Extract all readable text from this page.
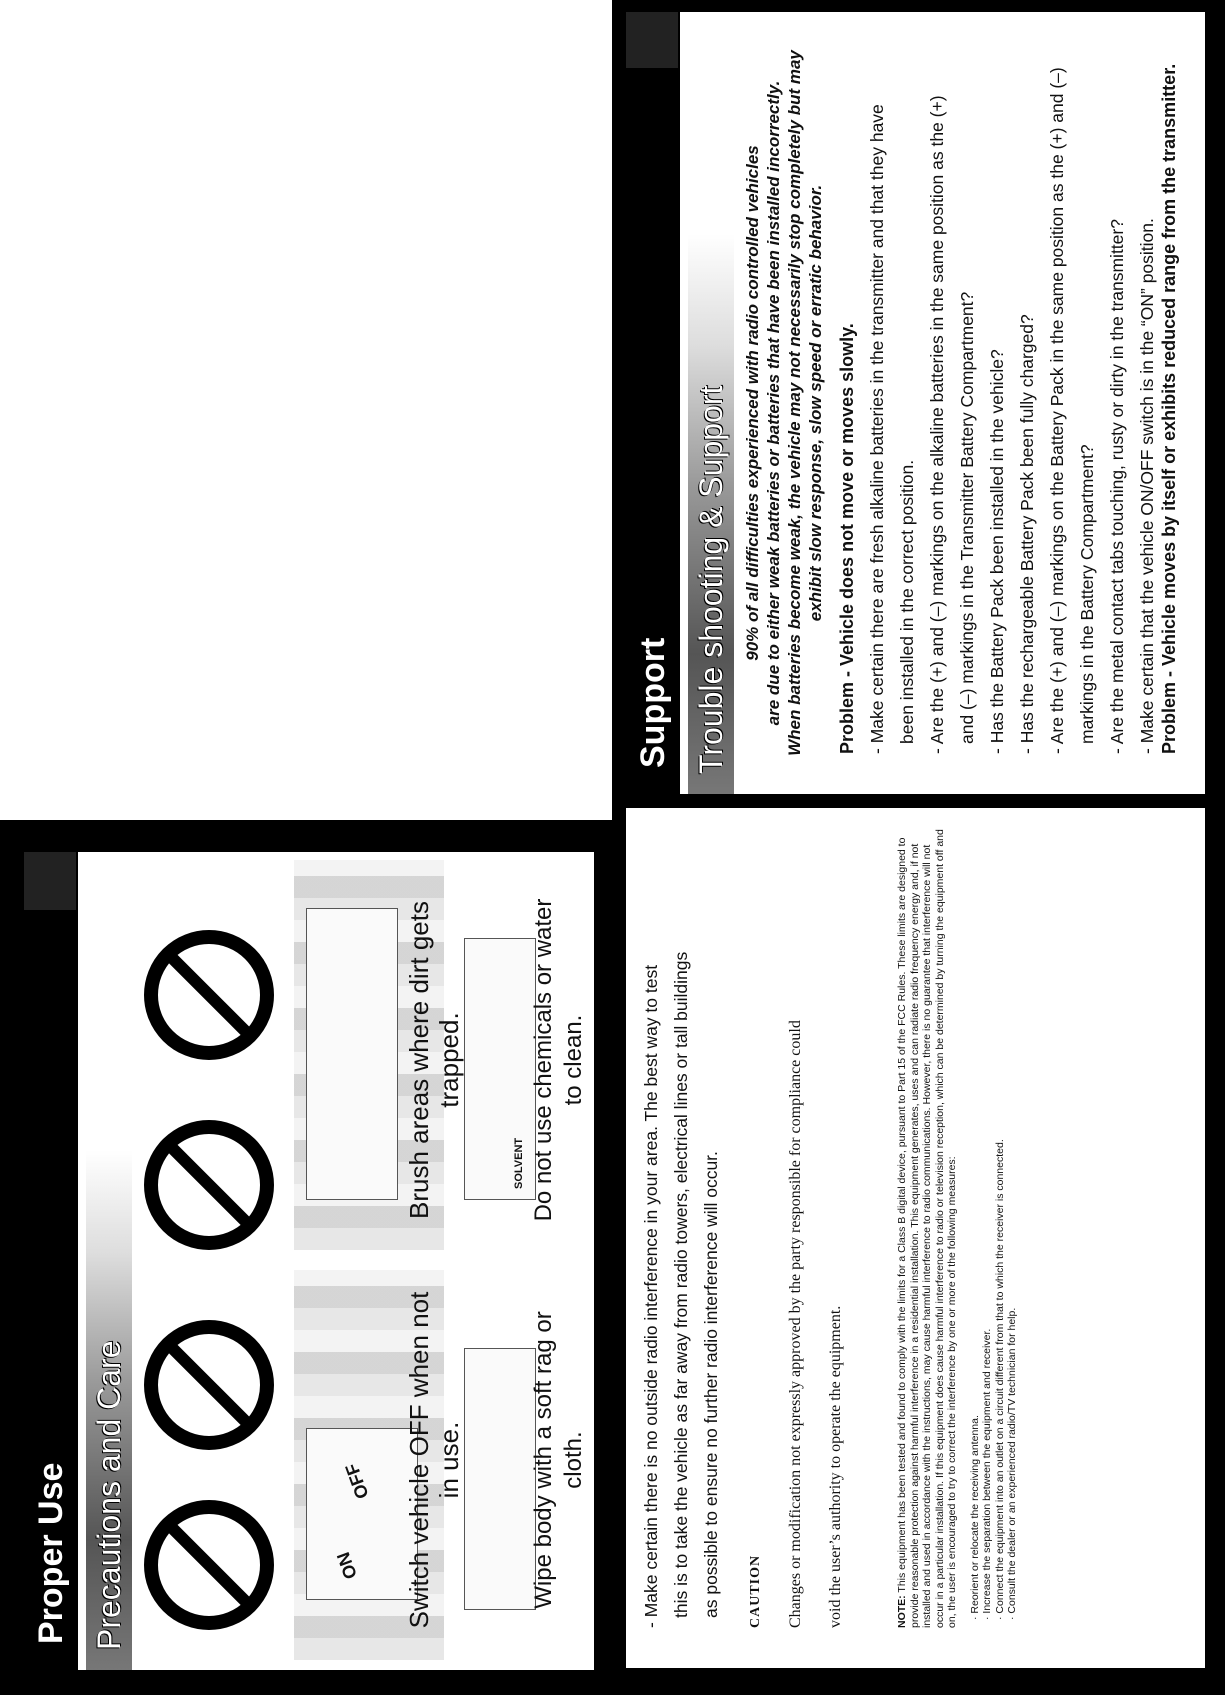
Support Trouble shooting & Support 90% of all difficulties experienced with radio controlled vehicles are due to either weak batteries or batteries that have been installed incorrectly. When batteries become weak, the vehicle may not necessarily stop completely but may exhibit slow response, slow speed or erratic behavior. Problem - Vehicle does not move or moves slowly. - Make certain there are fresh alkaline batteries in the transmitter and that they have been installed in the correct position. - Are the (+) and (–) markings on the alkaline batteries in the same position as the (+) and (–) markings in the Transmitter Battery Compartment? - Has the Battery Pack been installed in the vehicle? - Has the rechargeable Battery Pack been fully charged? - Are the (+) and (–) markings on the Battery Pack in the same position as the (+) and (–) markings in the Battery Compartment? - Are the metal contact tabs touching, rusty or dirty in the transmitter? - Make certain that the vehicle ON/OFF switch is in the “ON” position. Problem - Vehicle moves by itself or exhibits reduced range from the transmitter.
Proper Use Precautions and Care	ON
OFF Switch vehicle OFF when not in use.
Brush areas where dirt gets trapped.
Wipe body with a soft rag or cloth.
SOLVENT Do not use chemicals or water to clean.	- Make certain there is no outside radio interference in your area. The best way to test this is to take the vehicle as far away from radio towers, electrical lines or tall buildings as possible to ensure no further radio interference will occur.	CAUTION	Changes or modification not expressly approved by the party responsible for compliance could	void the user’s authority to operate the equipment.	NOTE: This equipment has been tested and found to comply with the limits for a Class B digital device, pursuant to Part 15 of the FCC Rules. These limits are designed to provide reasonable protection against harmful interference in a residential installation. This equipment generates, uses and can radiate radio frequency energy and, if not installed and used in accordance with the instructions, may cause harmful interference to radio communications. However, there is no guarantee that interference will not occur in a particular installation. If this equipment does cause harmful interference to radio or television reception, which can be determined by turning the equipment off and on, the user is encouraged to try to correct the interference by one or more of the following measures: · Reorient or relocate the receiving antenna. · Increase the separation between the equipment and receiver. · Connect the equipment into an outlet on a circuit different from that to which the receiver is connected. · Consult the dealer or an experienced radio/TV technician for help.
